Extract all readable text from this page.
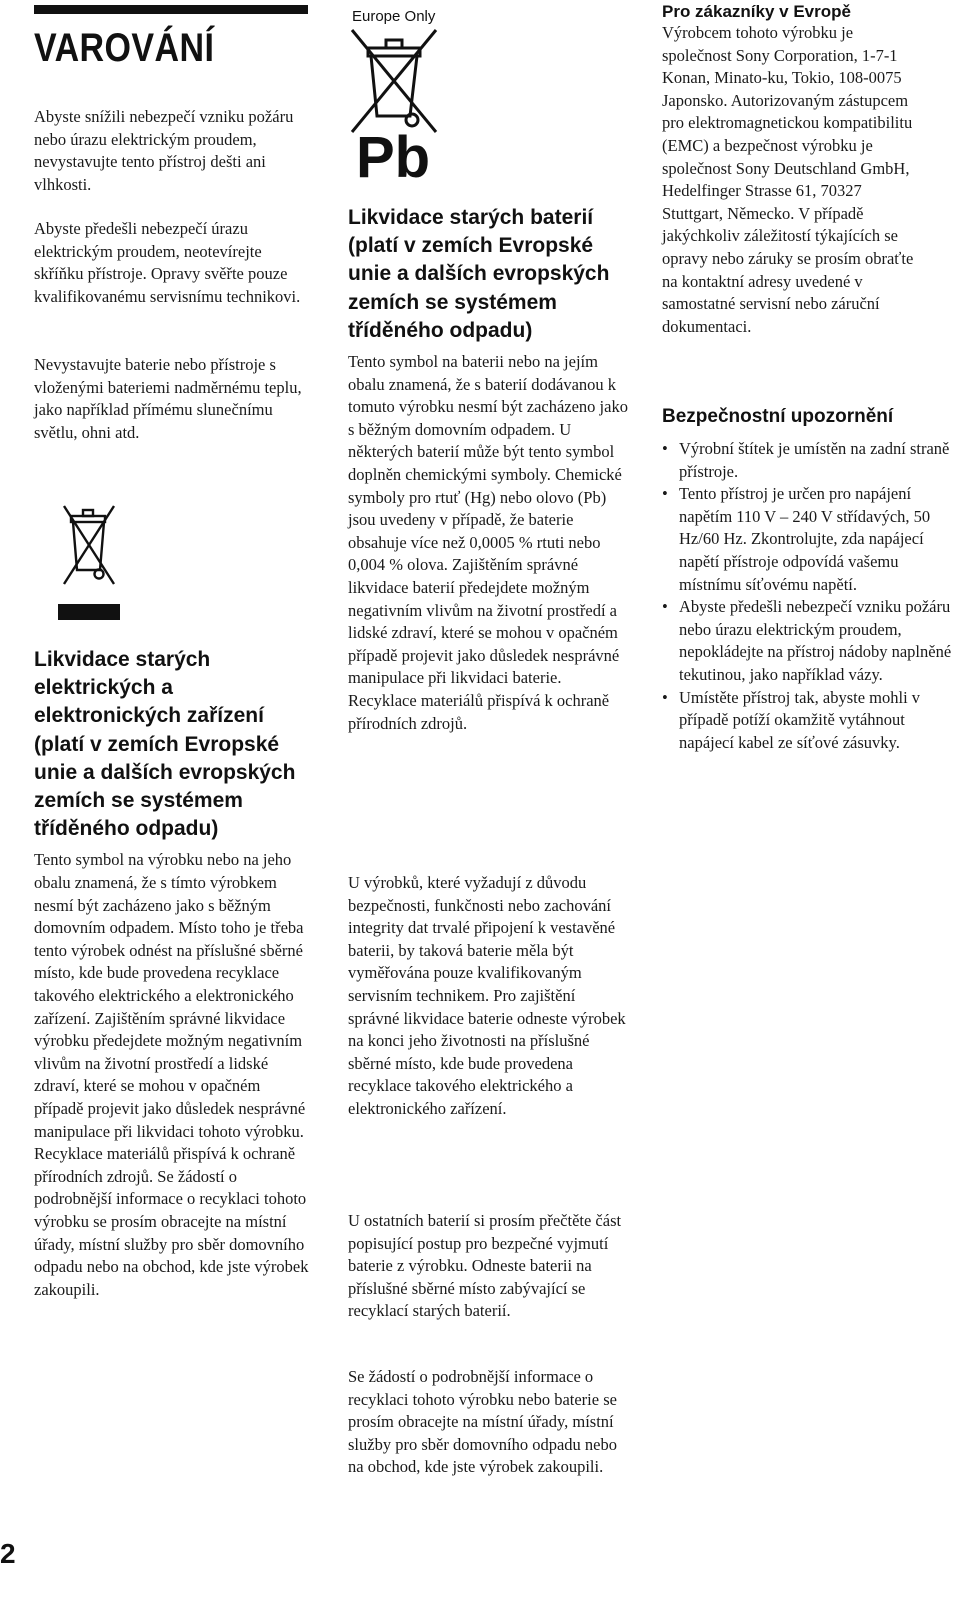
VAROVÁNÍ

Abyste snížili nebezpečí vzniku požáru nebo úrazu elektrickým proudem, nevystavujte tento přístroj dešti ani vlhkosti.

Abyste předešli nebezpečí úrazu elektrickým proudem, neotevírejte skříňku přístroje. Opravy svěřte pouze kvalifikovanému servisnímu technikovi.

Nevystavujte baterie nebo přístroje s vloženými bateriemi nadměrnému teplu, jako například přímému slunečnímu světlu, ohni atd.

Likvidace starých elektrických a elektronických zařízení (platí v zemích Evropské unie a dalších evropských zemích se systémem tříděného odpadu)

Tento symbol na výrobku nebo na jeho obalu znamená, že s tímto výrobkem nesmí být zacházeno jako s běžným domovním odpadem. Místo toho je třeba tento výrobek odnést na příslušné sběrné místo, kde bude provedena recyklace takového elektrického a elektronického zařízení. Zajištěním správné likvidace výrobku předejdete možným negativním vlivům na životní prostředí a lidské zdraví, které se mohou v opačném případě projevit jako důsledek nesprávné manipulace při likvidaci tohoto výrobku. Recyklace materiálů přispívá k ochraně přírodních zdrojů. Se žádostí o podrobnější informace o recyklaci tohoto výrobku se prosím obracejte na místní úřady, místní služby pro sběr domovního odpadu nebo na obchod, kde jste výrobek zakoupili.

2
Europe Only
Pb
Likvidace starých baterií (platí v zemích Evropské unie a dalších evropských zemích se systémem tříděného odpadu)

Tento symbol na baterii nebo na jejím obalu znamená, že s baterií dodávanou k tomuto výrobku nesmí být zacházeno jako s běžným domovním odpadem. U některých baterií může být tento symbol doplněn chemickými symboly. Chemické symboly pro rtuť (Hg) nebo olovo (Pb) jsou uvedeny v případě, že baterie obsahuje více než 0,0005 % rtuti nebo 0,004 % olova. Zajištěním správné likvidace baterií předejdete možným negativním vlivům na životní prostředí a lidské zdraví, které se mohou v opačném případě projevit jako důsledek nesprávné manipulace při likvidaci baterie. Recyklace materiálů přispívá k ochraně přírodních zdrojů.

U výrobků, které vyžadují z důvodu bezpečnosti, funkčnosti nebo zachování integrity dat trvalé připojení k vestavěné baterii, by taková baterie měla být vyměřována pouze kvalifikovaným servisním technikem. Pro zajištění správné likvidace baterie odneste výrobek na konci jeho životnosti na příslušné sběrné místo, kde bude provedena recyklace takového elektrického a elektronického zařízení.

U ostatních baterií si prosím přečtěte část popisující postup pro bezpečné vyjmutí baterie z výrobku. Odneste baterii na příslušné sběrné místo zabývající se recyklací starých baterií.

Se žádostí o podrobnější informace o recyklaci tohoto výrobku nebo baterie se prosím obracejte na místní úřady, místní služby pro sběr domovního odpadu nebo na obchod, kde jste výrobek zakoupili.

Pro zákazníky v Evropě

Výrobcem tohoto výrobku je společnost Sony Corporation, 1-7-1 Konan, Minato-ku, Tokio, 108-0075 Japonsko. Autorizovaným zástupcem pro elektromagnetickou kompatibilitu (EMC) a bezpečnost výrobku je společnost Sony Deutschland GmbH, Hedelfinger Strasse 61, 70327 Stuttgart, Německo. V případě jakýchkoliv záležitostí týkajících se opravy nebo záruky se prosím obraťte na kontaktní adresy uvedené v samostatné servisní nebo záruční dokumentaci.

Bezpečnostní upozornění
• Výrobní štítek je umístěn na zadní straně přístroje.
• Tento přístroj je určen pro napájení napětím 110 V – 240 V střídavých, 50 Hz/60 Hz. Zkontrolujte, zda napájecí napětí přístroje odpovídá vašemu místnímu síťovému napětí.
• Abyste předešli nebezpečí vzniku požáru nebo úrazu elektrickým proudem, nepokládejte na přístroj nádoby naplněné tekutinou, jako například vázy.
• Umístěte přístroj tak, abyste mohli v případě potíží okamžitě vytáhnout napájecí kabel ze síťové zásuvky.
